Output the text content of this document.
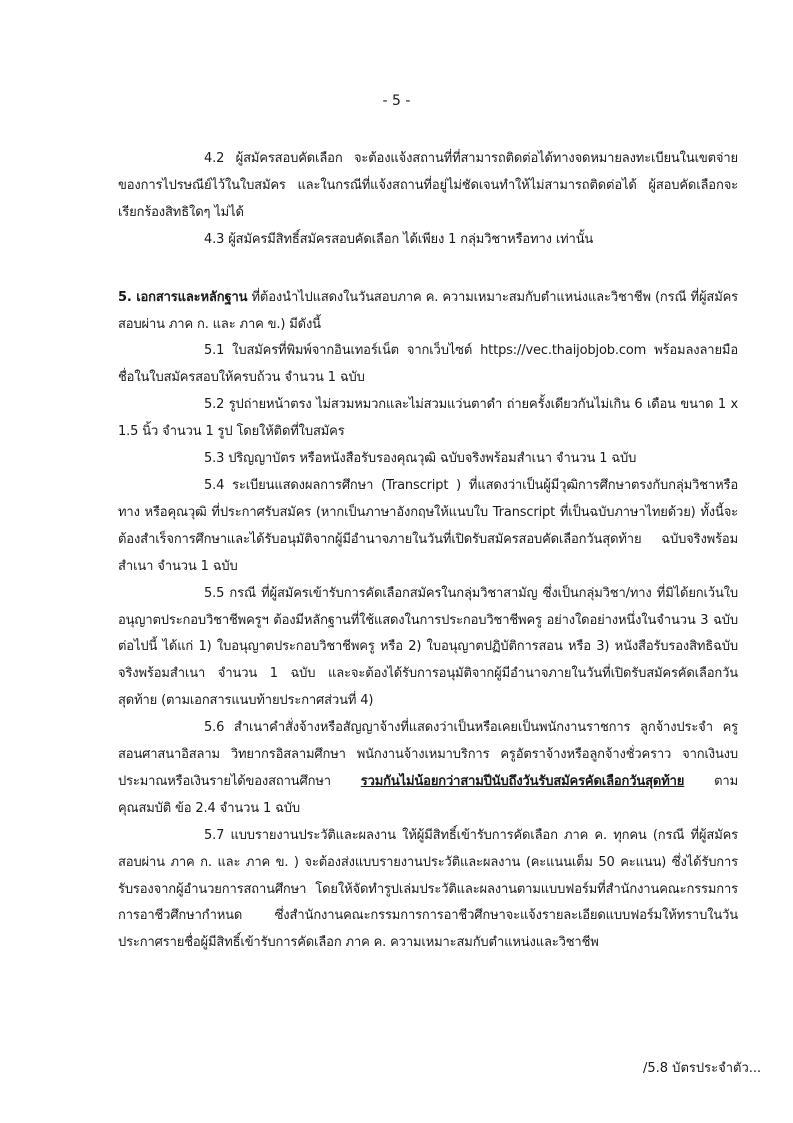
- 5 -

4.2 ผู้สมัครสอบคัดเลือก จะต้องแจ้งสถานที่ที่สามารถติดต่อได้ทางจดหมายลงทะเบียนในเขตจ่ายของการไปรษณีย์ไว้ในใบสมัคร และในกรณีที่แจ้งสถานที่อยู่ไม่ชัดเจนทำให้ไม่สามารถติดต่อได้ ผู้สอบคัดเลือกจะเรียกร้องสิทธิใดๆ ไม่ได้

4.3 ผู้สมัครมีสิทธิ์สมัครสอบคัดเลือก ได้เพียง 1 กลุ่มวิชาหรือทาง เท่านั้น

5. เอกสารและหลักฐาน ที่ต้องนำไปแสดงในวันสอบภาค ค. ความเหมาะสมกับตำแหน่งและวิชาชีพ (กรณี ที่ผู้สมัครสอบผ่าน ภาค ก. และ ภาค ข.) มีดังนี้

5.1 ใบสมัครที่พิมพ์จากอินเทอร์เน็ต จากเว็บไซต์ https://vec.thaijobjob.com พร้อมลงลายมือชื่อในใบสมัครสอบให้ครบถ้วน จำนวน 1 ฉบับ

5.2 รูปถ่ายหน้าตรง ไม่สวมหมวกและไม่สวมแว่นตาดำ ถ่ายครั้งเดียวกันไม่เกิน 6 เดือน ขนาด 1 x 1.5 นิ้ว จำนวน 1 รูป โดยให้ติดที่ใบสมัคร

5.3 ปริญญาบัตร หรือหนังสือรับรองคุณวุฒิ ฉบับจริงพร้อมสำเนา จำนวน 1 ฉบับ

5.4 ระเบียนแสดงผลการศึกษา (Transcript ) ที่แสดงว่าเป็นผู้มีวุฒิการศึกษาตรงกับกลุ่มวิชาหรือทาง หรือคุณวุฒิ ที่ประกาศรับสมัคร (หากเป็นภาษาอังกฤษให้แนบใบ Transcript ที่เป็นฉบับภาษาไทยด้วย) ทั้งนี้จะต้องสำเร็จการศึกษาและได้รับอนุมัติจากผู้มีอำนาจภายในวันที่เปิดรับสมัครสอบคัดเลือกวันสุดท้าย ฉบับจริงพร้อมสำเนา จำนวน 1 ฉบับ

5.5 กรณี ที่ผู้สมัครเข้ารับการคัดเลือกสมัครในกลุ่มวิชาสามัญ ซึ่งเป็นกลุ่มวิชา/ทาง ที่มิได้ยกเว้นใบอนุญาตประกอบวิชาชีพครูฯ ต้องมีหลักฐานที่ใช้แสดงในการประกอบวิชาชีพครู อย่างใดอย่างหนึ่งในจำนวน 3 ฉบับ ต่อไปนี้ ได้แก่ 1) ใบอนุญาตประกอบวิชาชีพครู หรือ 2) ใบอนุญาตปฏิบัติการสอน หรือ 3) หนังสือรับรองสิทธิฉบับจริงพร้อมสำเนา จำนวน 1 ฉบับ และจะต้องได้รับการอนุมัติจากผู้มีอำนาจภายในวันที่เปิดรับสมัครคัดเลือกวันสุดท้าย (ตามเอกสารแนบท้ายประกาศส่วนที่ 4)

5.6 สำเนาคำสั่งจ้างหรือสัญญาจ้างที่แสดงว่าเป็นหรือเคยเป็นพนักงานราชการ ลูกจ้างประจำ ครูสอนศาสนาอิสลาม วิทยากรอิสลามศึกษา พนักงานจ้างเหมาบริการ ครูอัตราจ้างหรือลูกจ้างชั่วคราว จากเงินงบประมาณหรือเงินรายได้ของสถานศึกษา รวมกันไม่น้อยกว่าสามปีนับถึงวันรับสมัครคัดเลือกวันสุดท้าย ตามคุณสมบัติ ข้อ 2.4 จำนวน 1 ฉบับ

5.7 แบบรายงานประวัติและผลงาน ให้ผู้มีสิทธิ์เข้ารับการคัดเลือก ภาค ค. ทุกคน (กรณี ที่ผู้สมัครสอบผ่าน ภาค ก. และ ภาค ข. ) จะต้องส่งแบบรายงานประวัติและผลงาน (คะแนนเต็ม 50 คะแนน) ซึ่งได้รับการรับรองจากผู้อำนวยการสถานศึกษา โดยให้จัดทำรูปเล่มประวัติและผลงานตามแบบฟอร์มที่สำนักงานคณะกรรมการการอาชีวศึกษากำหนด ซึ่งสำนักงานคณะกรรมการการอาชีวศึกษาจะแจ้งรายละเอียดแบบฟอร์มให้ทราบในวันประกาศรายชื่อผู้มีสิทธิ์เข้ารับการคัดเลือก ภาค ค. ความเหมาะสมกับตำแหน่งและวิชาชีพ

/5.8 บัตรประจำตัว...
